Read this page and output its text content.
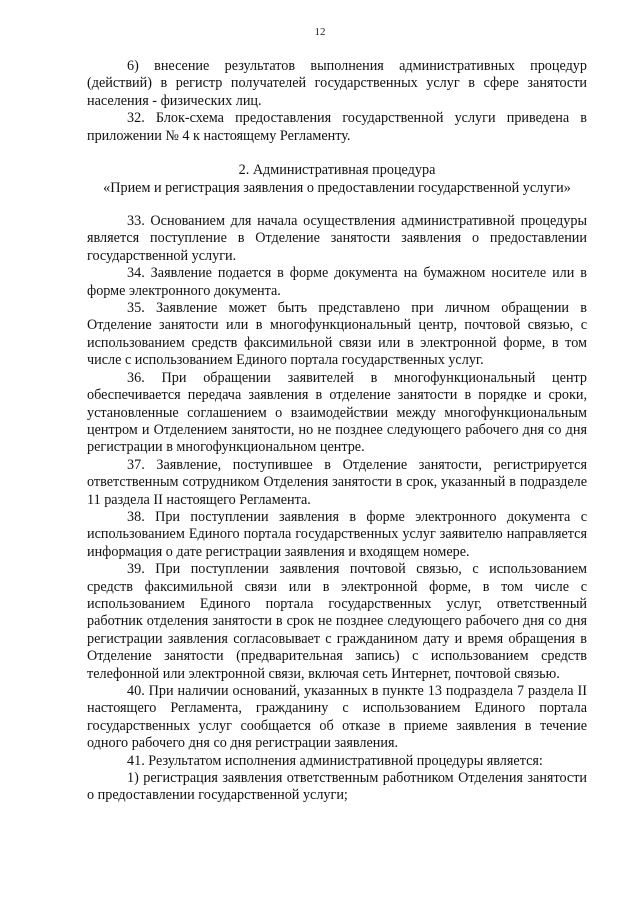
12

6) внесение результатов выполнения административных процедур (действий) в регистр получателей государственных услуг в сфере занятости населения - физических лиц.

32. Блок-схема предоставления государственной услуги приведена в приложении № 4 к настоящему Регламенту.

2. Административная процедура
«Прием и регистрация заявления о предоставлении государственной услуги»

33. Основанием для начала осуществления административной процедуры является поступление в Отделение занятости заявления о предоставлении государственной услуги.

34. Заявление подается в форме документа на бумажном носителе или в форме электронного документа.

35. Заявление может быть представлено при личном обращении в Отделение занятости или в многофункциональный центр, почтовой связью, с использованием средств факсимильной связи или в электронной форме, в том числе с использованием Единого портала государственных услуг.

36. При обращении заявителей в многофункциональный центр обеспечивается передача заявления в отделение занятости в порядке и сроки, установленные соглашением о взаимодействии между многофункциональным центром и Отделением занятости, но не позднее следующего рабочего дня со дня регистрации в многофункциональном центре.

37. Заявление, поступившее в Отделение занятости, регистрируется ответственным сотрудником Отделения занятости в срок, указанный в подразделе 11 раздела II настоящего Регламента.

38. При поступлении заявления в форме электронного документа с использованием Единого портала государственных услуг заявителю направляется информация о дате регистрации заявления и входящем номере.

39. При поступлении заявления почтовой связью, с использованием средств факсимильной связи или в электронной форме, в том числе с использованием Единого портала государственных услуг, ответственный работник отделения занятости в срок не позднее следующего рабочего дня со дня регистрации заявления согласовывает с гражданином дату и время обращения в Отделение занятости (предварительная запись) с использованием средств телефонной или электронной связи, включая сеть Интернет, почтовой связью.

40. При наличии оснований, указанных в пункте 13 подраздела 7 раздела II настоящего Регламента, гражданину с использованием Единого портала государственных услуг сообщается об отказе в приеме заявления в течение одного рабочего дня со дня регистрации заявления.

41. Результатом исполнения административной процедуры является:

1) регистрация заявления ответственным работником Отделения занятости о предоставлении государственной услуги;
